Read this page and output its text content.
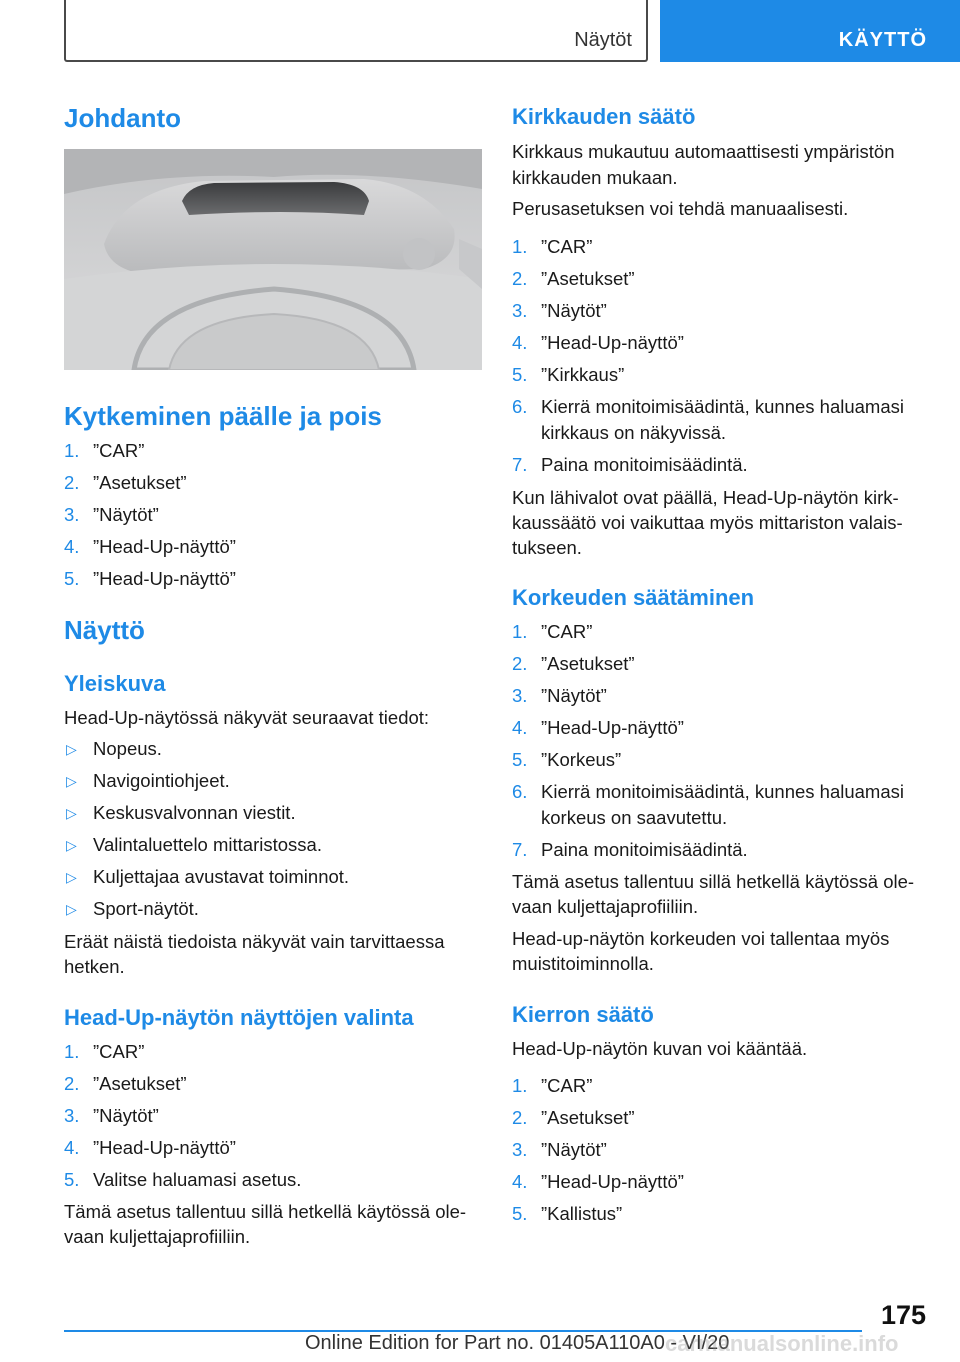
Näytöt	KÄYTTÖ
Johdanto
Kytkeminen päälle ja pois
1. ”CAR”
2. ”Asetukset”
3. ”Näytöt”
4. ”Head-Up-näyttö”
5. ”Head-Up-näyttö”
Näyttö
Yleiskuva
Head-Up-näytössä näkyvät seuraavat tiedot:
▷ Nopeus.
▷ Navigointiohjeet.
▷ Keskusvalvonnan viestit.
▷ Valintaluettelo mittaristossa.
▷ Kuljettajaa avustavat toiminnot.
▷ Sport-näytöt.
Eräät näistä tiedoista näkyvät vain tarvittaessa
hetken.
Head-Up-näytön näyttöjen valinta
1. ”CAR”
2. ”Asetukset”
3. ”Näytöt”
4. ”Head-Up-näyttö”
5. Valitse haluamasi asetus.
Tämä asetus tallentuu sillä hetkellä käytössä ole-
vaan kuljettajaprofiiliin.
Kirkkauden säätö
Kirkkaus mukautuu automaattisesti ympäristön
kirkkauden mukaan.
Perusasetuksen voi tehdä manuaalisesti.
1. ”CAR”
2. ”Asetukset”
3. ”Näytöt”
4. ”Head-Up-näyttö”
5. ”Kirkkaus”
6. Kierrä monitoimisäädintä, kunnes haluamasi
kirkkaus on näkyvissä.
7. Paina monitoimisäädintä.
Kun lähivalot ovat päällä, Head-Up-näytön kirk-
kaussäätö voi vaikuttaa myös mittariston valais-
tukseen.
Korkeuden säätäminen
1. ”CAR”
2. ”Asetukset”
3. ”Näytöt”
4. ”Head-Up-näyttö”
5. ”Korkeus”
6. Kierrä monitoimisäädintä, kunnes haluamasi
korkeus on saavutettu.
7. Paina monitoimisäädintä.
Tämä asetus tallentuu sillä hetkellä käytössä ole-
vaan kuljettajaprofiiliin.
Head-up-näytön korkeuden voi tallentaa myös
muistitoiminnolla.
Kierron säätö
Head-Up-näytön kuvan voi kääntää.
1. ”CAR”
2. ”Asetukset”
3. ”Näytöt”
4. ”Head-Up-näyttö”
5. ”Kallistus”
175
Online Edition for Part no. 01405A110A0 - VI/20
carmanualsonline.info
